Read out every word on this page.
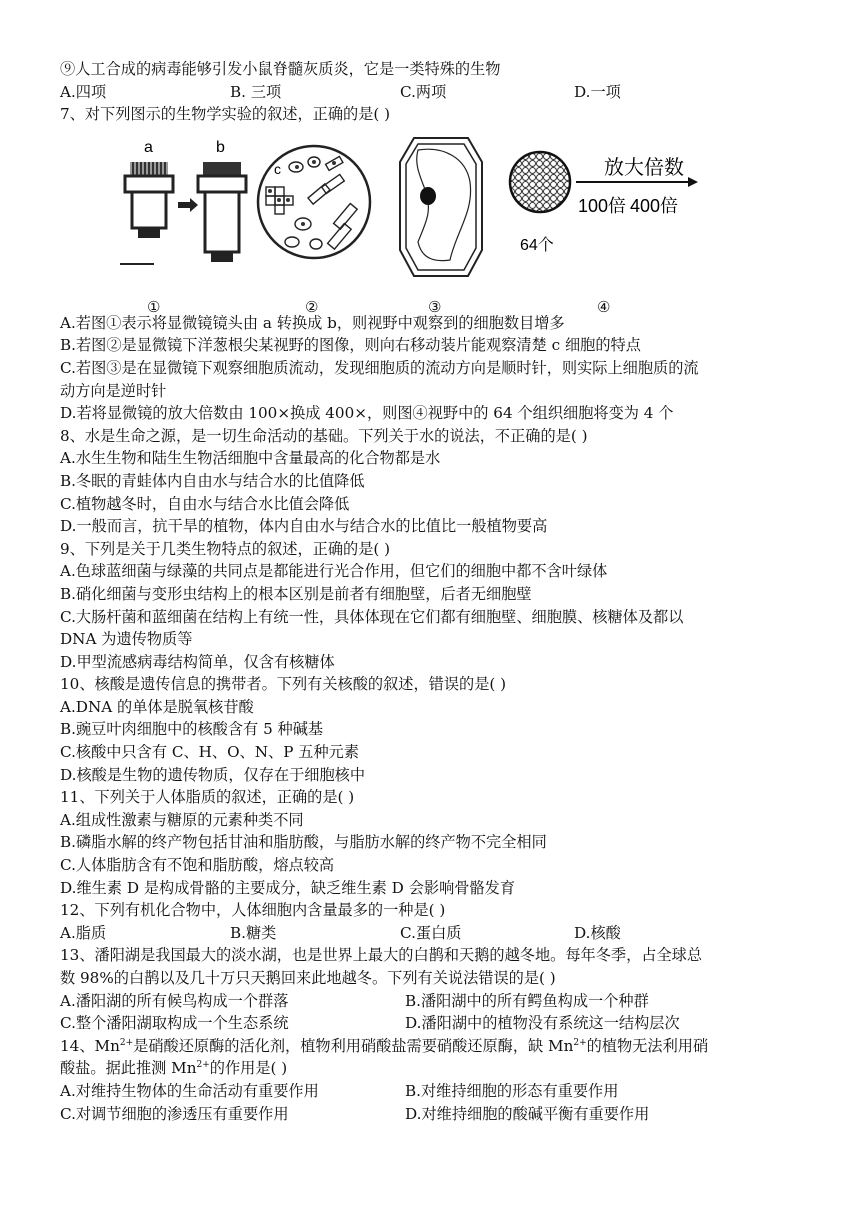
⑨人工合成的病毒能够引发小鼠脊髓灰质炎，它是一类特殊的生物
A.四项	B. 三项	C.两项	D.一项
7、对下列图示的生物学实验的叙述，正确的是( )
a	b
c
64个
放大倍数
100倍 400倍
①	②	③	④
A.若图①表示将显微镜镜头由 a 转换成 b，则视野中观察到的细胞数目增多
B.若图②是显微镜下洋葱根尖某视野的图像，则向右移动装片能观察清楚 c 细胞的特点
C.若图③是在显微镜下观察细胞质流动，发现细胞质的流动方向是顺时针，则实际上细胞质的流
动方向是逆时针
D.若将显微镜的放大倍数由 100×换成 400×，则图④视野中的 64 个组织细胞将变为 4 个
8、水是生命之源，是一切生命活动的基础。下列关于水的说法，不正确的是( )
A.水生生物和陆生生物活细胞中含量最高的化合物都是水
B.冬眠的青蛙体内自由水与结合水的比值降低
C.植物越冬时，自由水与结合水比值会降低
D.一般而言，抗干旱的植物，体内自由水与结合水的比值比一般植物要高
9、下列是关于几类生物特点的叙述，正确的是( )
A.色球蓝细菌与绿藻的共同点是都能进行光合作用，但它们的细胞中都不含叶绿体
B.硝化细菌与变形虫结构上的根本区别是前者有细胞壁，后者无细胞壁
C.大肠杆菌和蓝细菌在结构上有统一性，具体体现在它们都有细胞壁、细胞膜、核糖体及都以
DNA 为遗传物质等
D.甲型流感病毒结构简单，仅含有核糖体
10、核酸是遗传信息的携带者。下列有关核酸的叙述，错误的是( )
A.DNA 的单体是脱氧核苷酸
B.豌豆叶肉细胞中的核酸含有 5 种碱基
C.核酸中只含有 C、H、O、N、P 五种元素
D.核酸是生物的遗传物质，仅存在于细胞核中
11、下列关于人体脂质的叙述，正确的是( )
A.组成性激素与糖原的元素种类不同
B.磷脂水解的终产物包括甘油和脂肪酸，与脂肪水解的终产物不完全相同
C.人体脂肪含有不饱和脂肪酸，熔点较高
D.维生素 D 是构成骨骼的主要成分，缺乏维生素 D 会影响骨骼发育
12、下列有机化合物中，人体细胞内含量最多的一种是( )
A.脂质	B.糖类	C.蛋白质	D.核酸
13、潘阳湖是我国最大的淡水湖，也是世界上最大的白鹊和天鹅的越冬地。每年冬季，占全球总
数 98%的白鹊以及几十万只天鹅回来此地越冬。下列有关说法错误的是( )
A.潘阳湖的所有候鸟构成一个群落	B.潘阳湖中的所有鳄鱼构成一个种群
C.整个潘阳湖取构成一个生态系统	D.潘阳湖中的植物没有系统这一结构层次
14、$Mn^{2+}$是硝酸还原酶的活化剂，植物利用硝酸盐需要硝酸还原酶，缺 $Mn^{2+}$的植物无法利用硝
酸盐。据此推测 $Mn^{2+}$的作用是( )
A.对维持生物体的生命活动有重要作用	B.对维持细胞的形态有重要作用
C.对调节细胞的渗透压有重要作用	D.对维持细胞的酸碱平衡有重要作用
